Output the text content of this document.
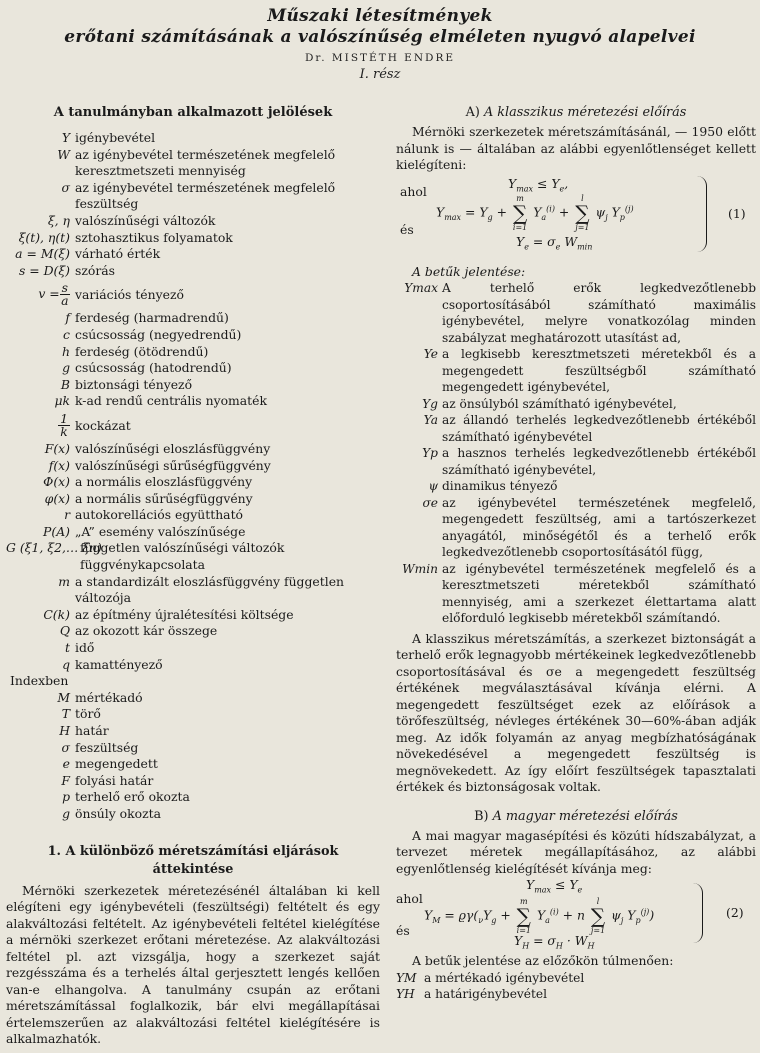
Műszaki létesítmények
erőtani számításának a valószínűség elméleten nyugvó alapelvei
Dr. MISTÉTH ENDRE
I. rész
A tanulmányban alkalmazott jelölések
Y igénybevétel
W az igénybevétel természetének megfelelő keresztmetszeti mennyiség
σ az igénybevétel természetének megfelelő feszültség
ξ, η valószínűségi változók
ξ(t), η(t) sztohasztikus folyamatok
a = M(ξ) várható érték
s = D(ξ) szórás
$v = \frac{s}{a}$ variációs tényező
f ferdeség (harmadrendű)
c csúcsosság (negyedrendű)
h ferdeség (ötödrendű)
g csúcsosság (hatodrendű)
B biztonsági tényező
μk k-ad rendű centrális nyomaték
$\frac{1}{k}$ kockázat
F(x) valószínűségi eloszlásfüggvény
f(x) valószínűségi sűrűségfüggvény
Φ(x) a normális eloszlásfüggvény
φ(x) a normális sűrűségfüggvény
r autokorellációs együttható
P(A) „A” esemény valószínűsége
G (ξ1, ξ2,… ξn)
független valószínűségi változók függvénykapcsolata
m a standardizált eloszlásfüggvény független változója
C(k) az építmény újralétesítési költsége
Q az okozott kár összege
t idő
q kamattényező
Indexben
M mértékadó
T törő
H határ
σ feszültség
e megengedett
F folyási határ
p terhelő erő okozta
g önsúly okozta
1. A különböző méretszámítási eljárások áttekintése

Mérnöki szerkezetek méretezésénél általában ki kell elégíteni egy igénybevételi (feszültségi) feltételt és egy alakváltozási feltételt. Az igénybevételi feltétel kielégítése a mérnöki szerkezet erőtani méretezése. Az alakváltozási feltétel pl. azt vizsgálja, hogy a szerkezet saját rezgésszáma és a terhelés által gerjesztett lengés kellően van-e elhangolva. A tanulmány csupán az erőtani méretszámítással foglalkozik, bár elvi megállapításai értelemszerűen az alakváltozási feltétel kielégítésére is alkalmazhatók.

A) A klasszikus méretezési előírás

Mérnöki szerkezetek méretszámításánál, — 1950 előtt nálunk is — általában az alábbi egyenlőtlenséget kellett kielégíteni:

$Y_{max} \le Y_e$,
ahol
$Y_{max} = Y_g$ +
m
∑
i=1
$Y_a^{(i)}$ +
l
∑
j=1
$\psi_j$ $Y_p^{(j)}$
és
$Y_e = \sigma_e$ $W_{min}$
(1)
A betűk jelentése:
Ymax A terhelő erők legkedvezőtlenebb csoportosításából számítható maximális igénybevétel, melyre vonatkozólag minden szabályzat meghatározott utasítást ad,
Ye a legkisebb keresztmetszeti méretekből és a megengedett feszültségből számítható megengedett igénybevétel,
Yg az önsúlyból számítható igénybevétel,
Ya az állandó terhelés legkedvezőtlenebb értékéből számítható igénybevétel
Yp a hasznos terhelés legkedvezőtlenebb értékéből számítható igénybevétel,
ψ dinamikus tényező
σe az igénybevétel természetének megfelelő, megengedett feszültség, ami a tartószerkezet anyagától, minőségétől és a terhelő erők legkedvezőtlenebb csoportosításától függ,
Wmin az igénybevétel természetének megfelelő és a keresztmetszeti méretekből számítható mennyiség, ami a szerkezet élettartama alatt előforduló legkisebb méretekből számítandó.

A klasszikus méretszámítás, a szerkezet biztonságát a terhelő erők legnagyobb mértékeinek legkedvezőtlenebb csoportosításával és σe a megengedett feszültség értékének megválasztásával kívánja elérni. A megengedett feszültséget ezek az előírások a törőfeszültség, névleges értékének 30—60%-ában adják meg. Az idők folyamán az anyag megbízhatóságának növekedésével a megengedett feszültség is megnövekedett. Az így előírt feszültségek tapasztalati értékek és biztonságosak voltak.

B) A magyar méretezési előírás

A mai magyar magasépítési és közúti hídszabályzat, a tervezet méretek megállapításához, az alábbi egyenlőtlenség kielégítését kívánja meg:

$Y_{max} \le Y_e$
ahol
$Y_M = ϱ\gamma(_\nu Y_g$ +
m
∑
i=1
$Y_a^{(i)} + n$
l
∑
j=1
$\psi_j$ $Y_p^{(j)}$)
és
$Y_H = \sigma_H \cdot W_H$
(2)
A betűk jelentése az előzőkön túlmenően:
YM a mértékadó igénybevétel
YH a határigénybevétel
